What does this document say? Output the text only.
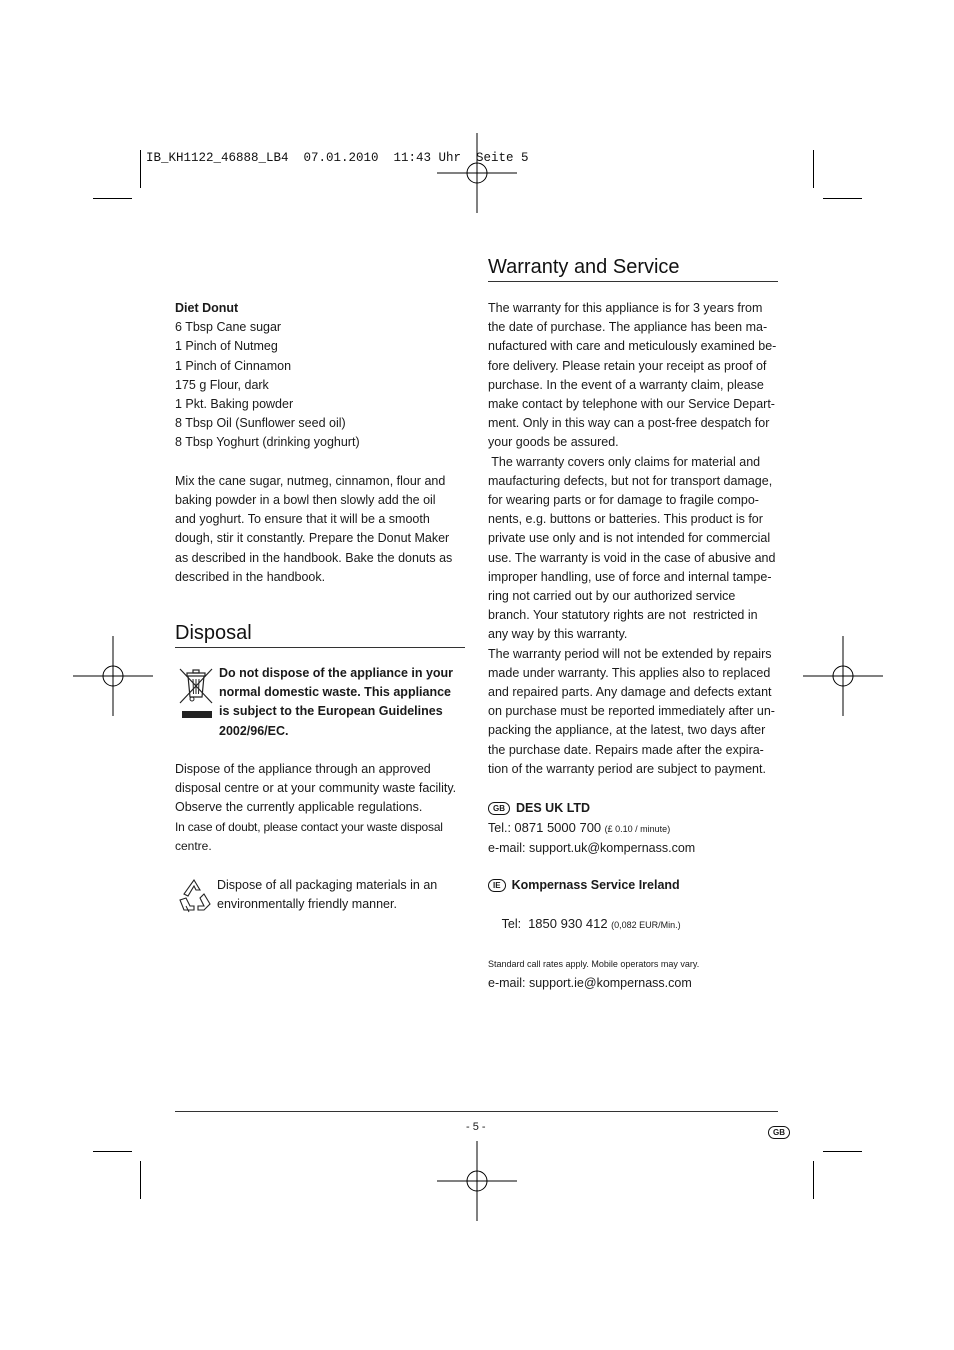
IB_KH1122_46888_LB4  07.01.2010  11:43 Uhr  Seite 5

Diet Donut

6 Tbsp Cane sugar

1 Pinch of Nutmeg

1 Pinch of Cinnamon

175 g Flour, dark

1 Pkt. Baking powder

8 Tbsp Oil (Sunflower seed oil)

8 Tbsp Yoghurt (drinking yoghurt)

Mix the cane sugar, nutmeg, cinnamon, flour and

baking powder in a bowl then slowly add the oil

and yoghurt. To ensure that it will be a smooth

dough, stir it constantly. Prepare the Donut Maker

as described in the handbook. Bake the donuts as

described in the handbook.

Disposal

Do not dispose of the appliance in your

normal domestic waste. This appliance

is subject to the European Guidelines

2002/96/EC.

Dispose of the appliance through an approved

disposal centre or at your community waste facility.

Observe the currently applicable regulations.

In case of doubt, please contact your waste disposal

centre.

Dispose of all packaging materials in an

environmentally friendly manner.

Warranty and Service

The warranty for this appliance is for 3 years from

the date of purchase. The appliance has been ma-

nufactured with care and meticulously examined be-

fore delivery. Please retain your receipt as proof of

purchase. In the event of a warranty claim, please

make contact by telephone with our Service Depart-

ment. Only in this way can a post-free despatch for

your goods be assured.

The warranty covers only claims for material and

maufacturing defects, but not for transport damage,

for wearing parts or for damage to fragile compo-

nents, e.g. buttons or batteries. This product is for

private use only and is not intended for commercial

use. The warranty is void in the case of abusive and

improper handling, use of force and internal tampe-

ring not carried out by our authorized service

branch. Your statutory rights are not  restricted in

any way by this warranty.

The warranty period will not be extended by repairs

made under warranty. This applies also to replaced

and repaired parts. Any damage and defects extant

on purchase must be reported immediately after un-

packing the appliance, at the latest, two days after

the purchase date. Repairs made after the expira-

tion of the warranty period are subject to payment.

GB DES UK LTD

Tel.: 0871 5000 700 (£ 0.10 / minute)

e-mail: support.uk@kompernass.com

IE Kompernass Service Ireland

Tel:  1850 930 412 (0,082 EUR/Min.)

Standard call rates apply. Mobile operators may vary.

e-mail: support.ie@kompernass.com

- 5 -	GB
